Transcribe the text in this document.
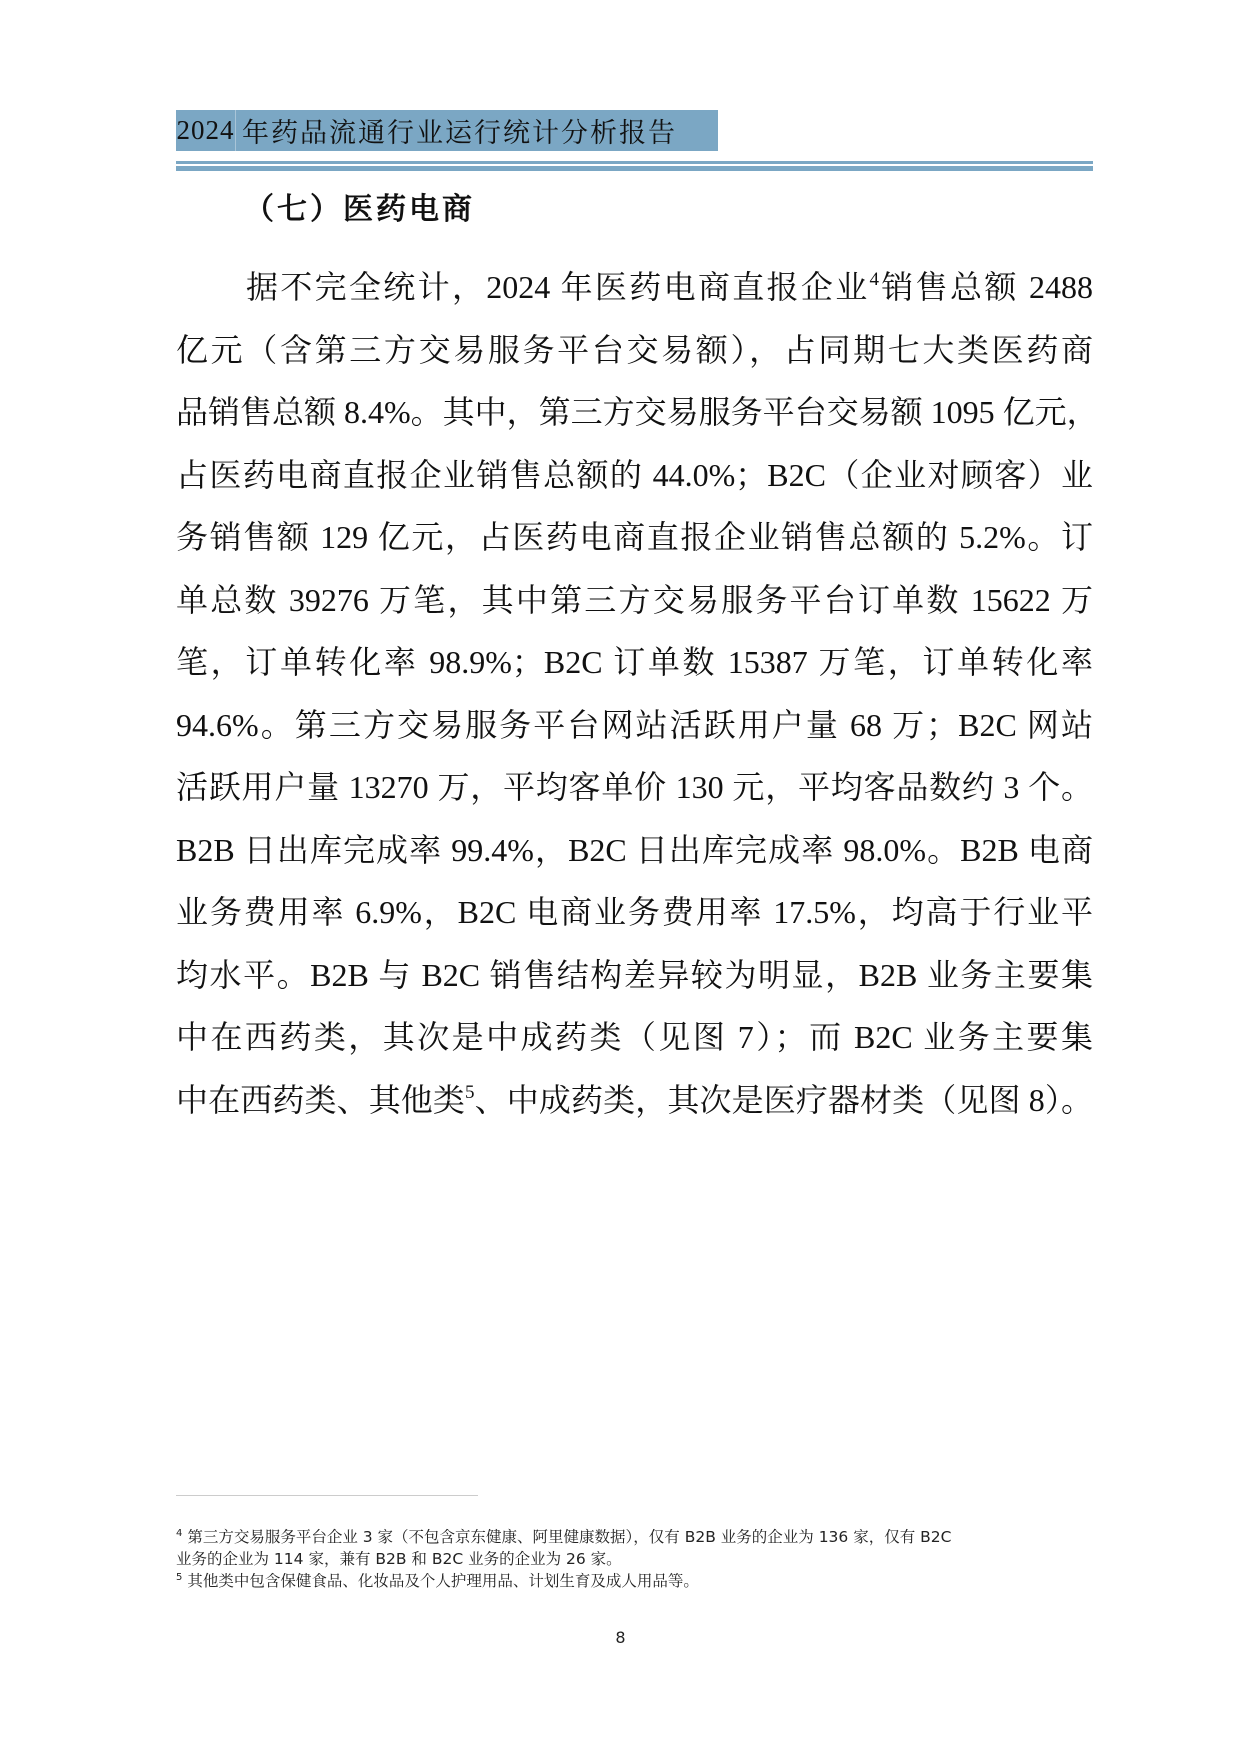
2024 年药品流通行业运行统计分析报告
（七）医药电商
据不完全统计，2024 年医药电商直报企业$^4$销售总额 2488
亿元（含第三方交易服务平台交易额），占同期七大类医药商
品销售总额 8.4%。其中，第三方交易服务平台交易额 1095 亿元，
占医药电商直报企业销售总额的 44.0%；B2C（企业对顾客）业
务销售额 129 亿元，占医药电商直报企业销售总额的 5.2%。订
单总数 39276 万笔，其中第三方交易服务平台订单数 15622 万
笔，订单转化率 98.9%；B2C 订单数 15387 万笔，订单转化率
94.6%。第三方交易服务平台网站活跃用户量 68 万；B2C 网站
活跃用户量 13270 万，平均客单价 130 元，平均客品数约 3 个。
B2B 日出库完成率 99.4%，B2C 日出库完成率 98.0%。B2B 电商
业务费用率 6.9%，B2C 电商业务费用率 17.5%，均高于行业平
均水平。B2B 与 B2C 销售结构差异较为明显，B2B 业务主要集
中在西药类，其次是中成药类（见图 7）；而 B2C 业务主要集
中在西药类、其他类$^5$、中成药类，其次是医疗器材类（见图 8）。
$^4$ 第三方交易服务平台企业 3 家（不包含京东健康、阿里健康数据），仅有 B2B 业务的企业为 136 家，仅有 B2C
业务的企业为 114 家，兼有 B2B 和 B2C 业务的企业为 26 家。
$^5$ 其他类中包含保健食品、化妆品及个人护理用品、计划生育及成人用品等。
8
